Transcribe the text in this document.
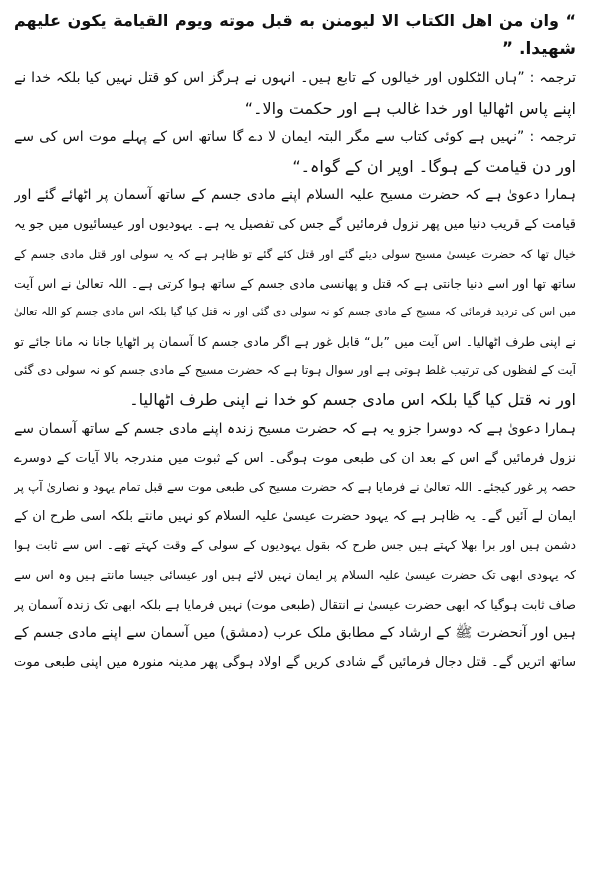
“ وان من اهل الكتاب الا ليومنن به قبل موته ويوم القيامة يكون عليهم
شهيدا. ”
ترجمہ : ”ہاں الٹکلوں اور خیالوں کے تابع ہیں۔ انہوں نے ہرگز اس کو قتل نہیں کیا بلکہ خدا نے
اپنے پاس اٹھالیا اور خدا غالب ہے اور حکمت والا۔“
ترجمہ : ”نہیں ہے کوئی کتاب سے مگر البتہ ایمان لا دے گا ساتھ اس کے پہلے موت اس کی سے
اور دن قیامت کے ہوگا۔ اوپر ان کے گواہ۔“
ہمارا دعویٰ ہے کہ حضرت مسیح علیہ السلام اپنے مادی جسم کے ساتھ آسمان پر اٹھائے گئے اور
قیامت کے قریب دنیا میں پھر نزول فرمائیں گے جس کی تفصیل یہ ہے۔ یہودیوں اور عیسائیوں میں جو یہ
خیال تھا کہ حضرت عیسیٰ مسیح سولی دیئے گئے اور قتل کئے گئے تو ظاہر ہے کہ یہ سولی اور قتل مادی جسم کے
ساتھ تھا اور اسے دنیا جانتی ہے کہ قتل و پھانسی مادی جسم کے ساتھ ہوا کرتی ہے۔ اللہ تعالیٰ نے اس آیت
میں اس کی تردید فرمائی کہ مسیح کے مادی جسم کو نہ سولی دی گئی اور نہ قتل کیا گیا بلکہ اس مادی جسم کو اللہ تعالیٰ
نے اپنی طرف اٹھالیا۔ اس آیت میں ”بل“ قابل غور ہے اگر مادی جسم کا آسمان پر اٹھایا جانا نہ مانا جائے تو
آیت کے لفظوں کی ترتیب غلط ہوتی ہے اور سوال ہوتا ہے کہ حضرت مسیح کے مادی جسم کو نہ سولی دی گئی
اور نہ قتل کیا گیا بلکہ اس مادی جسم کو خدا نے اپنی طرف اٹھالیا۔
ہمارا دعویٰ ہے کہ دوسرا جزو یہ ہے کہ حضرت مسیح زندہ اپنے مادی جسم کے ساتھ آسمان سے
نزول فرمائیں گے اس کے بعد ان کی طبعی موت ہوگی۔ اس کے ثبوت میں مندرجہ بالا آیات کے دوسرے
حصہ پر غور کیجئے۔ اللہ تعالیٰ نے فرمایا ہے کہ حضرت مسیح کی طبعی موت سے قبل تمام یہود و نصاریٰ آپ پر
ایمان لے آئیں گے۔ یہ ظاہر ہے کہ یہود حضرت عیسیٰ علیہ السلام کو نہیں مانتے بلکہ اسی طرح ان کے
دشمن ہیں اور برا بھلا کہتے ہیں جس طرح کہ بقول یہودیوں کے سولی کے وقت کہتے تھے۔ اس سے ثابت ہوا
کہ یہودی ابھی تک حضرت عیسیٰ علیہ السلام پر ایمان نہیں لائے ہیں اور عیسائی جیسا مانتے ہیں وہ اس سے
صاف ثابت ہوگیا کہ ابھی حضرت عیسیٰ نے انتقال (طبعی موت) نہیں فرمایا ہے بلکہ ابھی تک زندہ آسمان پر
ہیں اور آنحضرت ﷺ کے ارشاد کے مطابق ملک عرب (دمشق) میں آسمان سے اپنے مادی جسم کے
ساتھ اتریں گے۔ قتل دجال فرمائیں گے شادی کریں گے اولاد ہوگی پھر مدینہ منورہ میں اپنی طبعی موت
